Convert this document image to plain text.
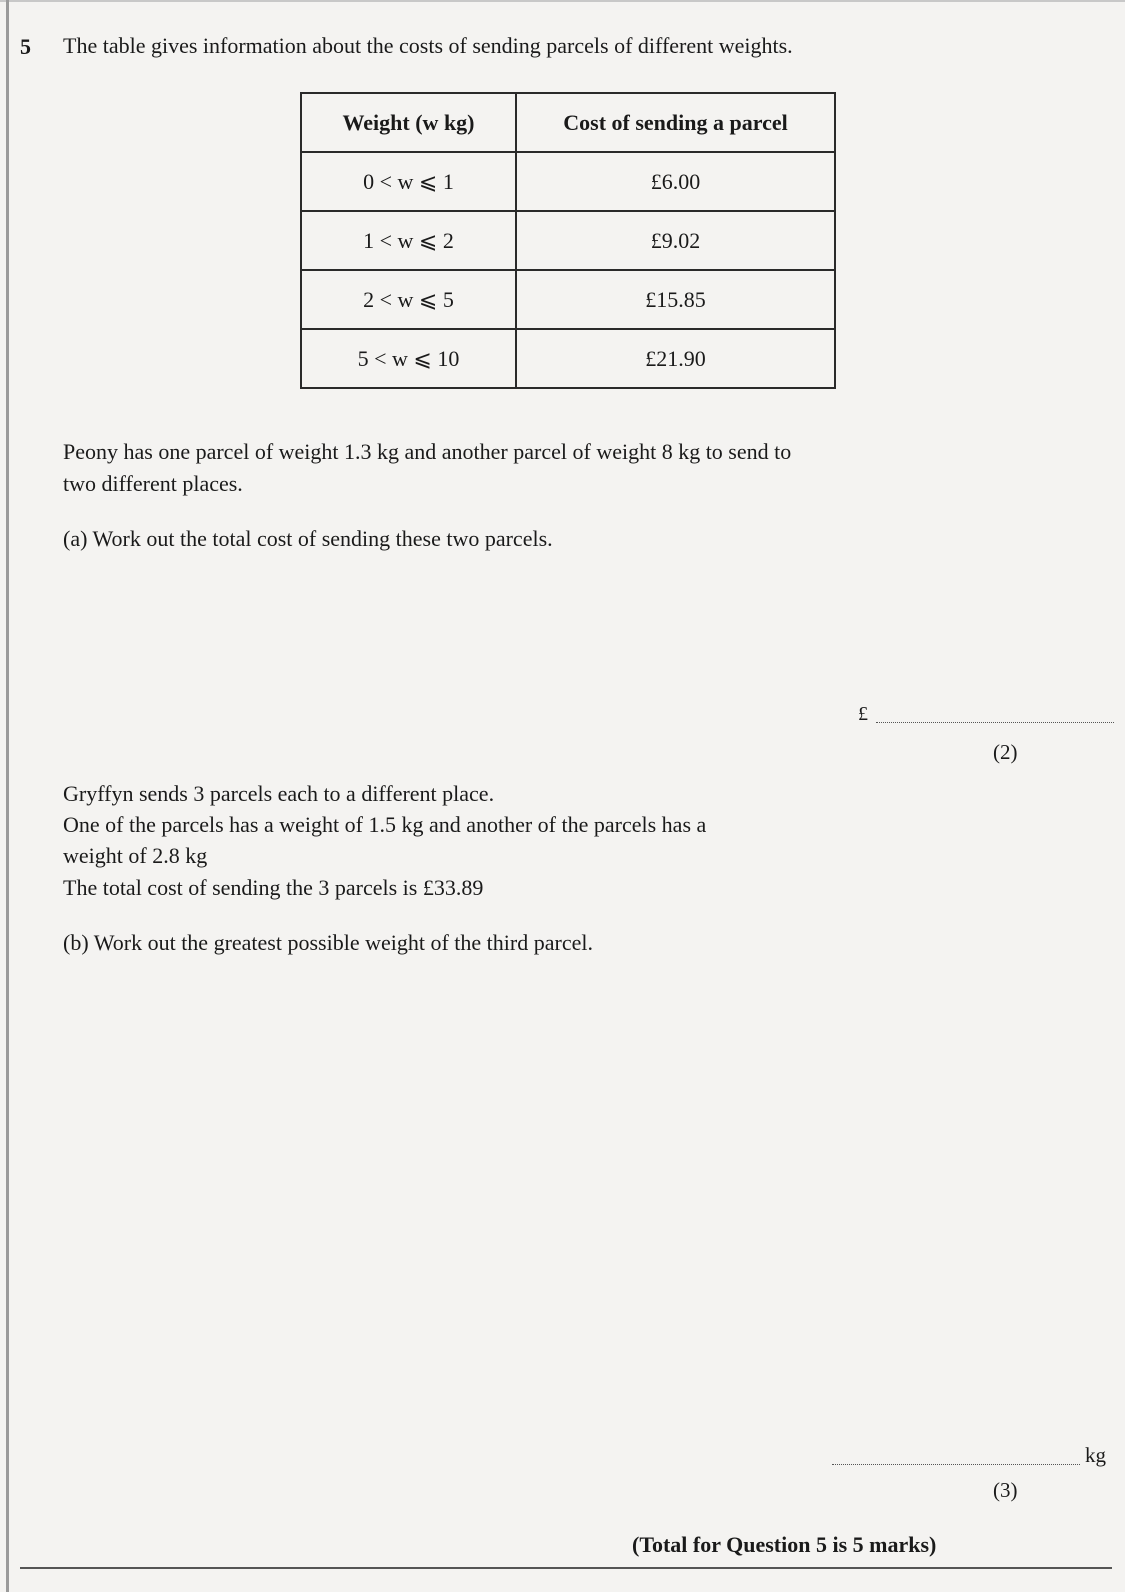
5 The table gives information about the costs of sending parcels of different weights.
Weight (w kg)	Cost of sending a parcel
0 < w ⩽ 1	£6.00
1 < w ⩽ 2	£9.02
2 < w ⩽ 5	£15.85
5 < w ⩽ 10	£21.90
Peony has one parcel of weight 1.3 kg and another parcel of weight 8 kg to send to
two different places.
(a) Work out the total cost of sending these two parcels.
£
(2)
Gryffyn sends 3 parcels each to a different place.
One of the parcels has a weight of 1.5 kg and another of the parcels has a
weight of 2.8 kg
The total cost of sending the 3 parcels is £33.89
(b) Work out the greatest possible weight of the third parcel.
kg
(3)
(Total for Question 5 is 5 marks)
